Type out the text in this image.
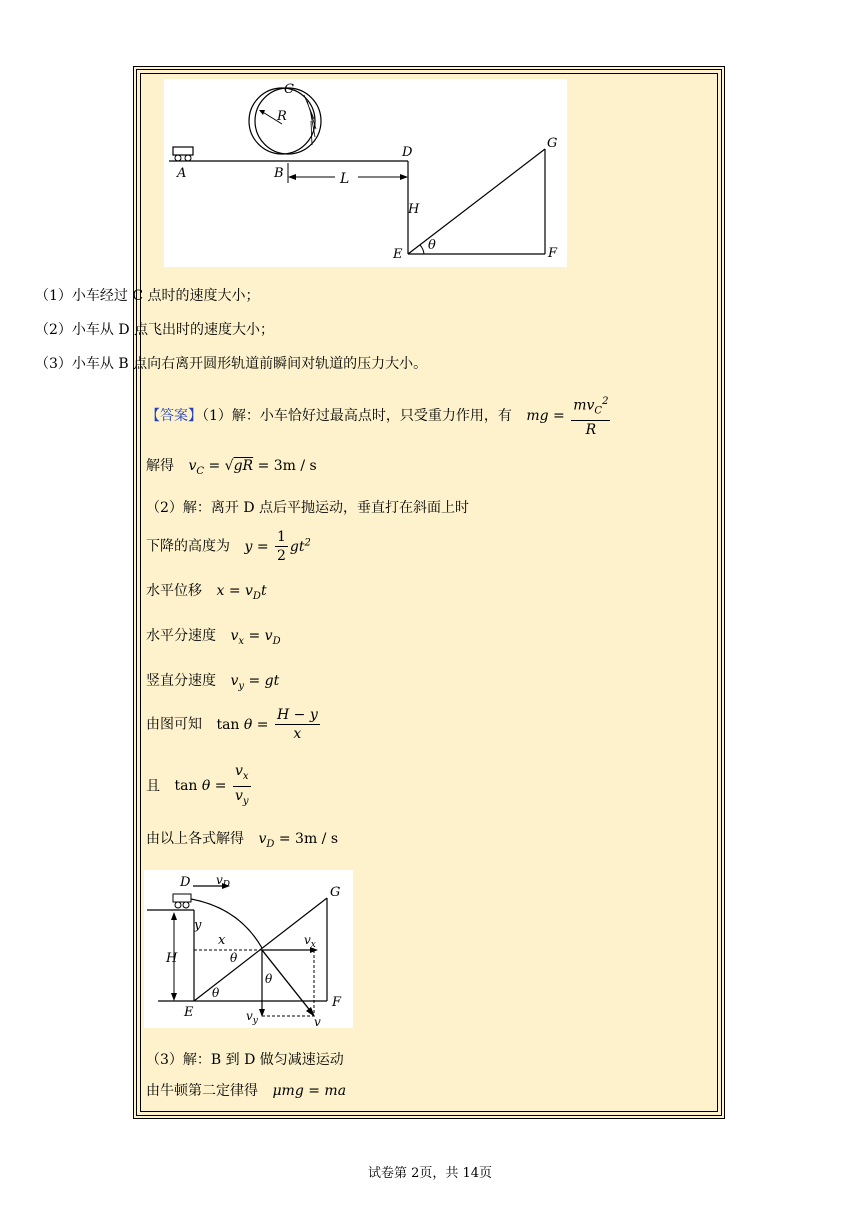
A	B
C
R
L
D
H
E	F
G
θ
（1）小车经过 C 点时的速度大小；
（2）小车从 D 点飞出时的速度大小；
（3）小车从 B 点向右离开圆形轨道前瞬间对轨道的压力大小。
【答案】（1）解：小车恰好过最高点时，只受重力作用，有 mg = $\frac{mv_C^2}{R}$
解得 $v_C = √gR = 3m / s$
（2）解：离开 D 点后平抛运动，垂直打在斜面上时
下降的高度为 $y = \frac{1}{2} gt^2$
水平位移 $x = v_Dt$
水平分速度 $v_x = v_D$
竖直分速度 $v_y$ = gt
由图可知 $\tan \theta = \frac{H - y}{x}$
且 $\tan \theta = \frac{v_x}{v_y}$
由以上各式解得 $v_D = 3m / s$
D $v_D$
y
x
H	θ
θ
θ
$v_x$
$v_y$	v
E
F
G
（3）解：B 到 D 做匀减速运动
由牛顿第二定律得 μmg = ma
试卷第 2页，共 14页
